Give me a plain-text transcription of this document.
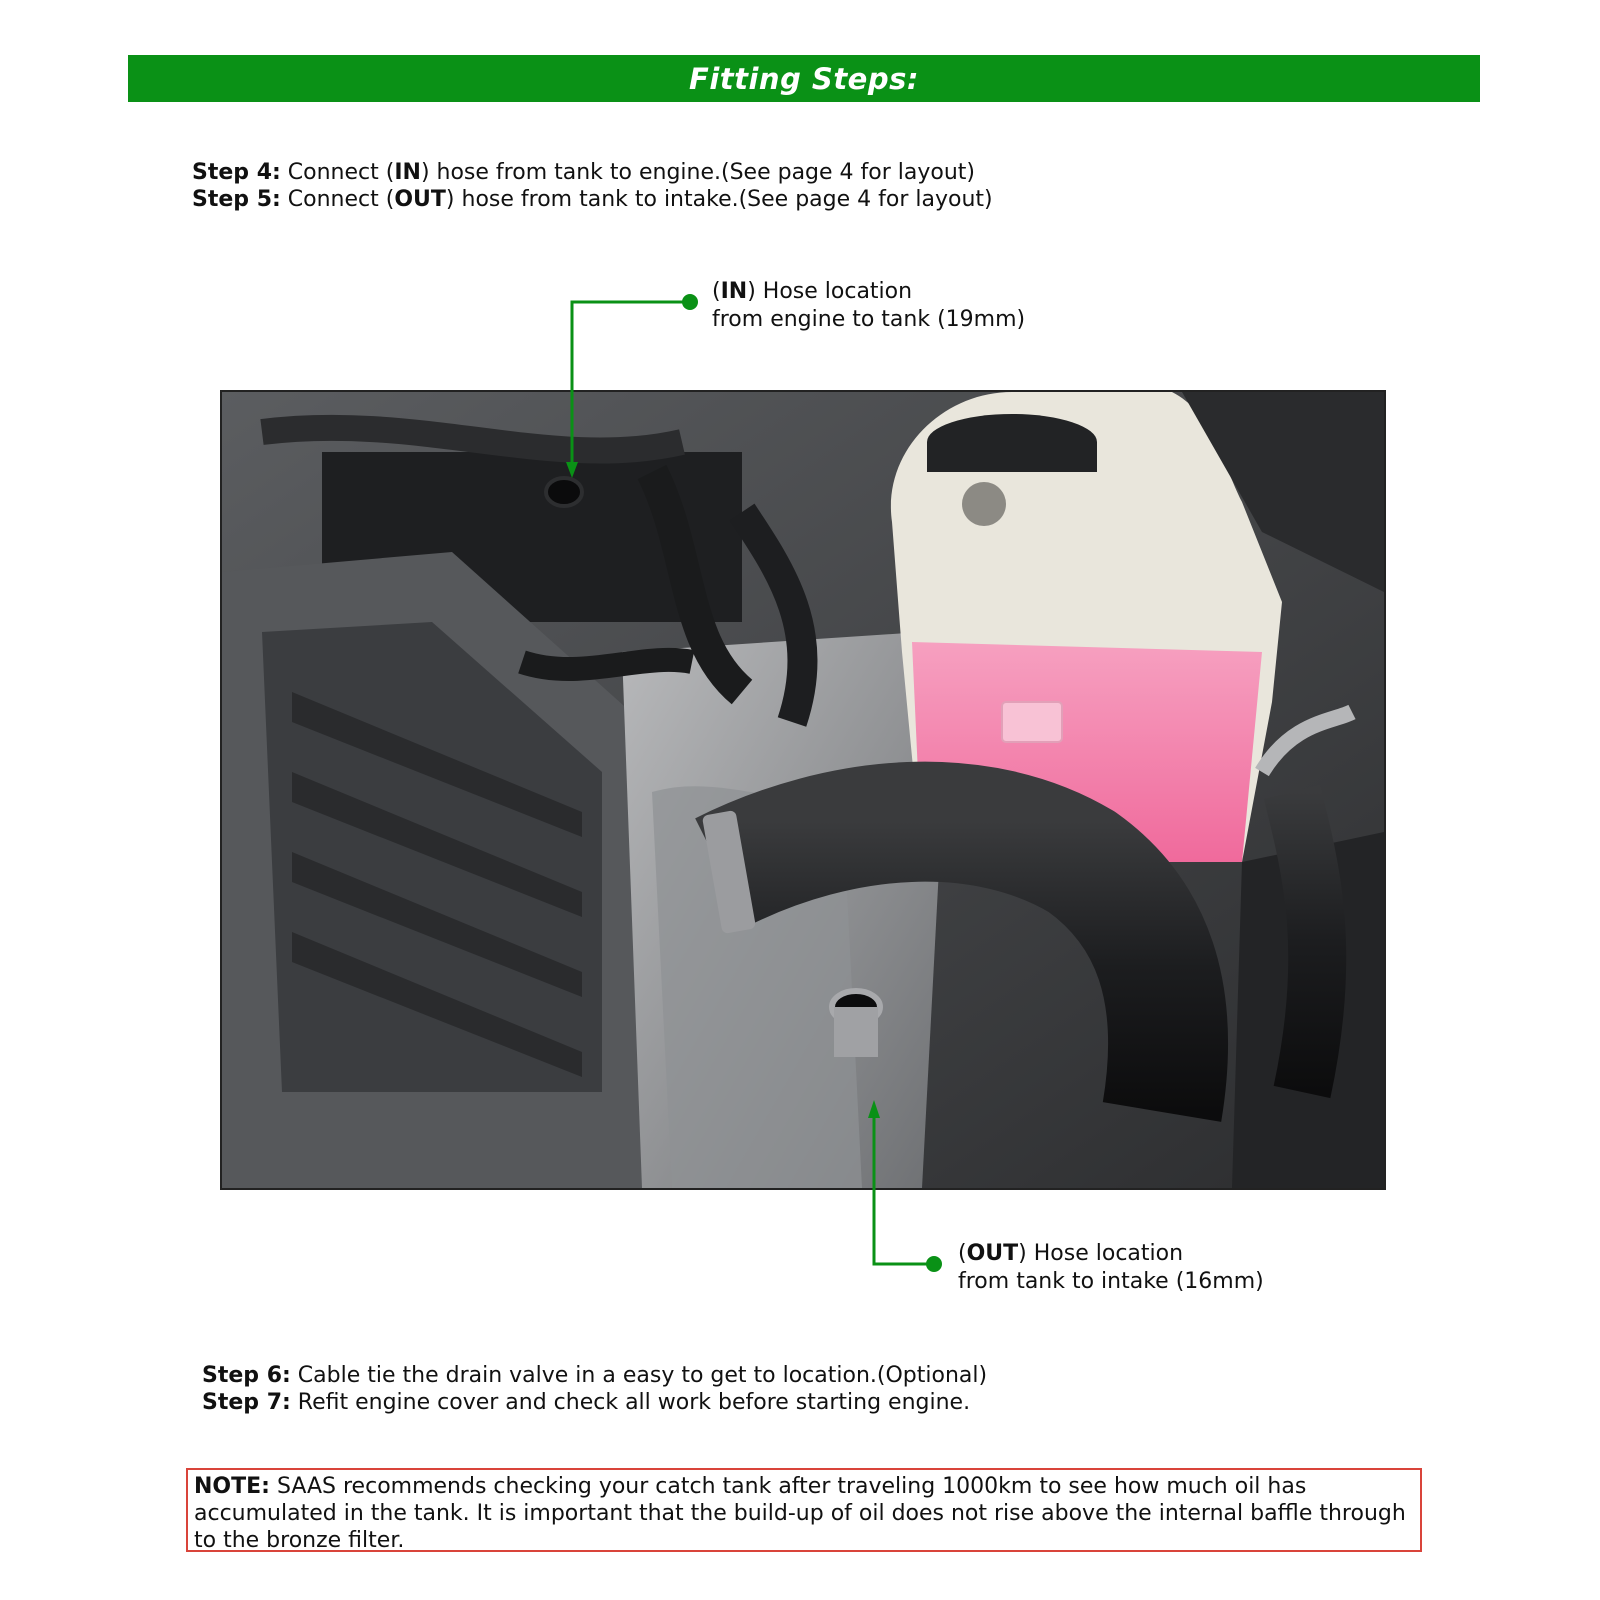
Fitting Steps:
Step 4: Connect (IN) hose from tank to engine.(See page 4 for layout)
Step 5: Connect (OUT) hose from tank to intake.(See page 4 for layout)
(IN) Hose location
from engine to tank (19mm)
(OUT) Hose location
from tank to intake (16mm)
Step 6: Cable tie the drain valve in a easy to get to location.(Optional)
Step 7: Refit engine cover and check all work before starting engine.
NOTE: SAAS recommends checking your catch tank after traveling 1000km to see how much oil has accumulated in the tank. It is important that the build-up of oil does not rise above the internal baffle through to the bronze filter.
